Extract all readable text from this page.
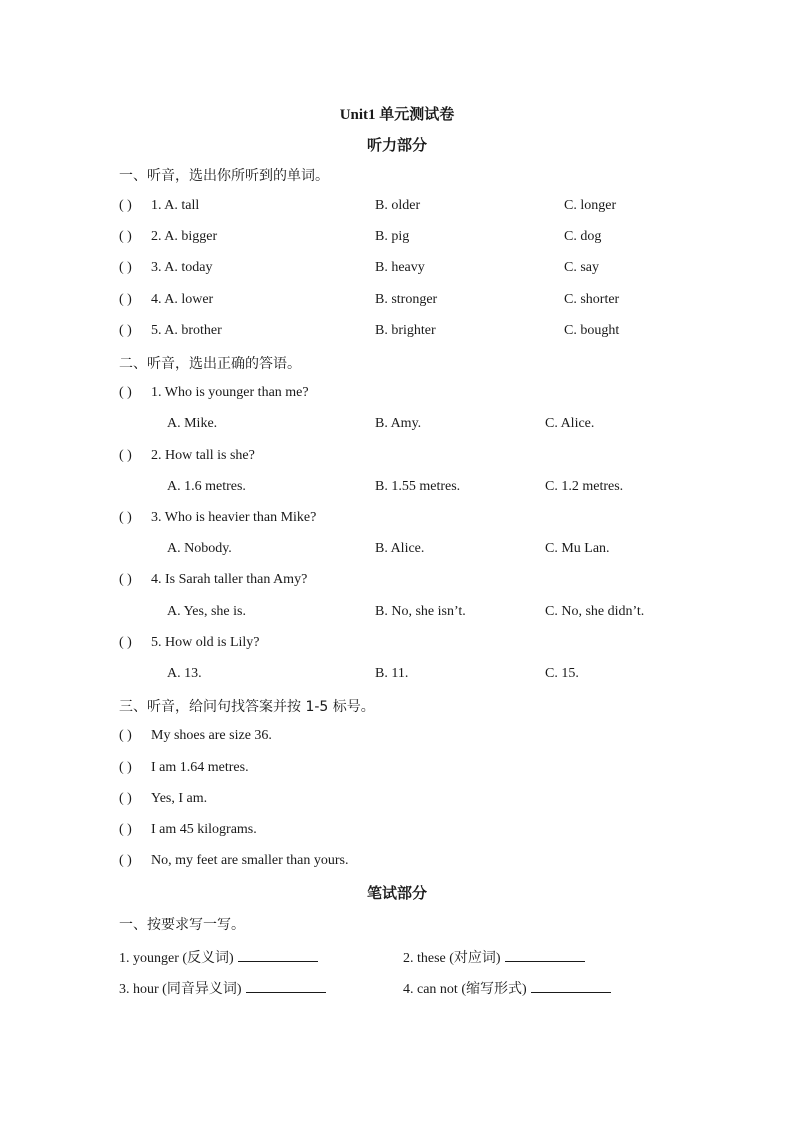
Unit1 单元测试卷
听力部分
一、听音，选出你所听到的单词。
( ) 1. A. tall	B. older	C. longer
( ) 2. A. bigger	B. pig	C. dog
( ) 3. A. today	B. heavy	C. say
( ) 4. A. lower	B. stronger	C. shorter
( ) 5. A. brother	B. brighter	C. bought
二、听音，选出正确的答语。
( ) 1. Who is younger than me?
A. Mike.	B. Amy.	C. Alice.
( ) 2. How tall is she?
A. 1.6 metres.	B. 1.55 metres.	C. 1.2 metres.
( ) 3. Who is heavier than Mike?
A. Nobody.	B. Alice.	C. Mu Lan.
( ) 4. Is Sarah taller than Amy?
A. Yes, she is.	B. No, she isn’t.	C. No, she didn’t.
( ) 5. How old is Lily?
A. 13.	B. 11.	C. 15.
三、听音，给问句找答案并按 1-5 标号。
( ) My shoes are size 36.
( ) I am 1.64 metres.
( ) Yes, I am.
( ) I am 45 kilograms.
( ) No, my feet are smaller than yours.
笔试部分
一、按要求写一写。
1. younger (反义词)	2. these (对应词)
3. hour (同音异义词)	4. can not (缩写形式)
